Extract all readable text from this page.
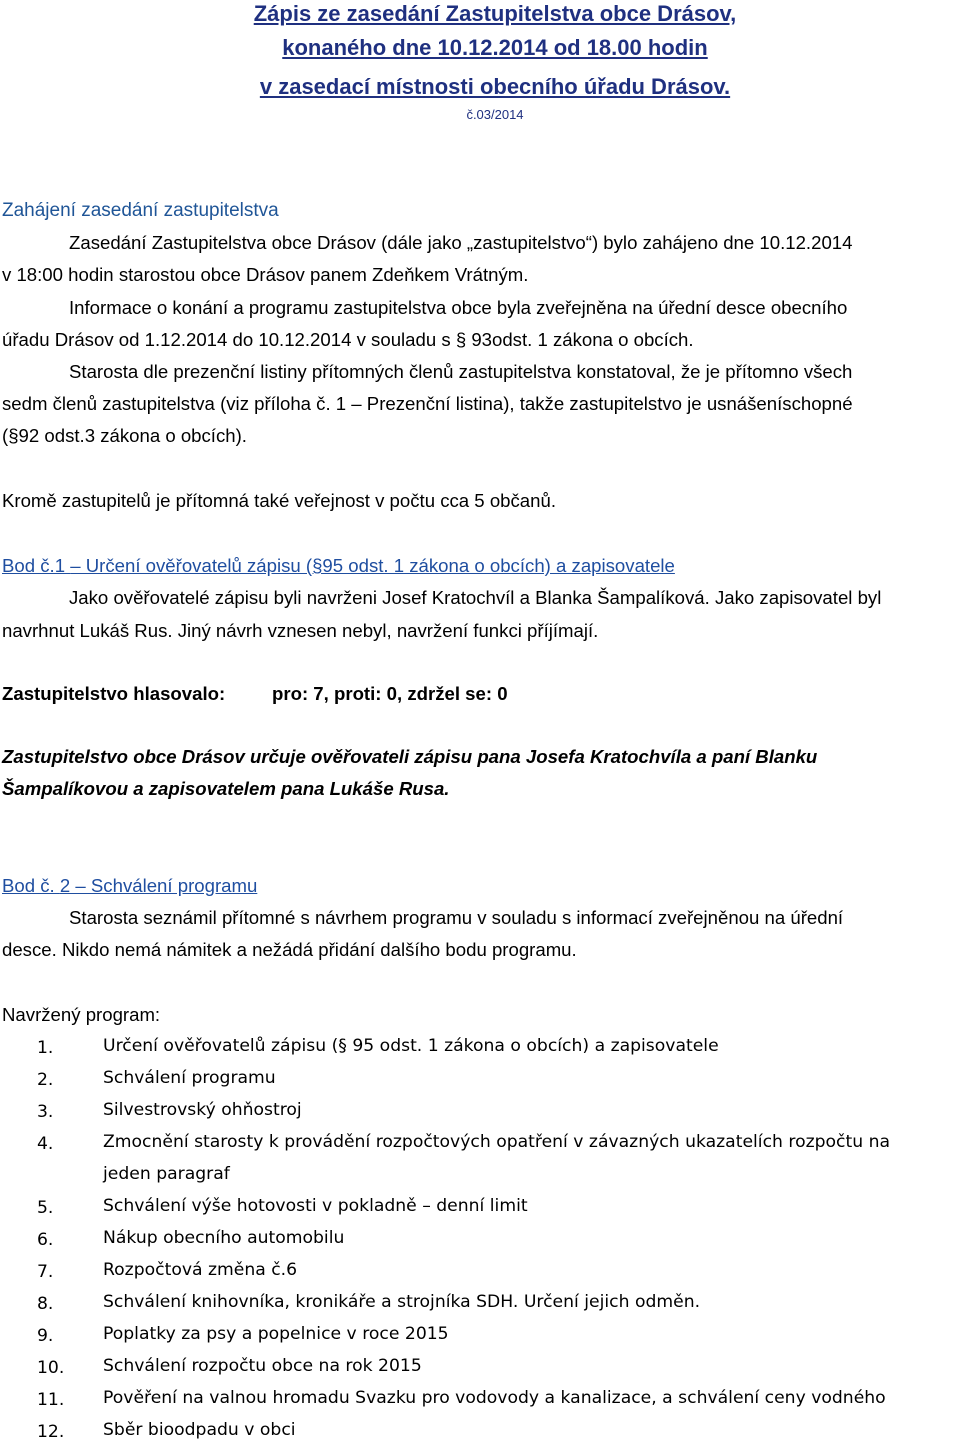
Zápis ze zasedání Zastupitelstva obce Drásov,
konaného dne 10.12.2014 od 18.00 hodin
v zasedací místnosti obecního úřadu Drásov.
č.03/2014
Zahájení zasedání zastupitelstva
Zasedání Zastupitelstva obce Drásov (dále jako „zastupitelstvo“) bylo zahájeno dne 10.12.2014
v 18:00 hodin starostou obce Drásov panem Zdeňkem Vrátným.
Informace o konání a programu zastupitelstva obce byla zveřejněna na úřední desce obecního
úřadu Drásov od 1.12.2014 do 10.12.2014 v souladu s § 93odst. 1 zákona o obcích.
Starosta dle prezenční listiny přítomných členů zastupitelstva konstatoval, že je přítomno všech
sedm členů zastupitelstva (viz příloha č. 1 – Prezenční listina), takže zastupitelstvo je usnášeníschopné
(§92 odst.3 zákona o obcích).
Kromě zastupitelů je přítomná také veřejnost v počtu cca 5 občanů.
Bod č.1 – Určení ověřovatelů zápisu (§95 odst. 1 zákona o obcích) a zapisovatele
Jako ověřovatelé zápisu byli navrženi Josef Kratochvíl a Blanka Šampalíková. Jako zapisovatel byl
navrhnut Lukáš Rus. Jiný návrh vznesen nebyl, navržení funkci příjímají.
Zastupitelstvo hlasovalo:	pro: 7, proti: 0, zdržel se: 0
Zastupitelstvo obce Drásov určuje ověřovateli zápisu pana Josefa Kratochvíla a paní Blanku
Šampalíkovou a zapisovatelem pana Lukáše Rusa.
Bod č. 2 – Schválení programu
Starosta seznámil přítomné s návrhem programu v souladu s informací zveřejněnou na úřední
desce. Nikdo nemá námitek a nežádá přidání dalšího bodu programu.
Navržený program:
1.	Určení ověřovatelů zápisu (§ 95 odst. 1 zákona o obcích) a zapisovatele
2.	Schválení programu
3.	Silvestrovský ohňostroj
4.	Zmocnění starosty k provádění rozpočtových opatření v závazných ukazatelích rozpočtu na
jeden paragraf
5.	Schválení výše hotovosti v pokladně – denní limit
6.	Nákup obecního automobilu
7.	Rozpočtová změna č.6
8.	Schválení knihovníka, kronikáře a strojníka SDH. Určení jejich odměn.
9.	Poplatky za psy a popelnice v roce 2015
10. Schválení rozpočtu obce na rok 2015
11. Pověření na valnou hromadu Svazku pro vodovody a kanalizace, a schválení ceny vodného
12. Sběr bioodpadu v obci
